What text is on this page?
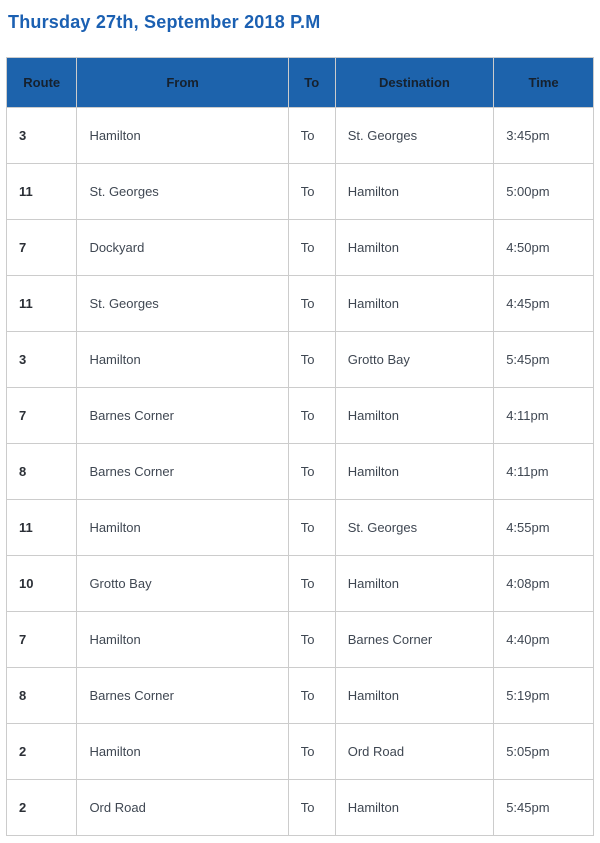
Thursday 27th, September 2018 P.M
Route	From	To	Destination	Time
3	Hamilton	To	St. Georges	3:45pm
11	St. Georges	To	Hamilton	5:00pm
7	Dockyard	To	Hamilton	4:50pm
11	St. Georges	To	Hamilton	4:45pm
3	Hamilton	To	Grotto Bay	5:45pm
7	Barnes Corner	To	Hamilton	4:11pm
8	Barnes Corner	To	Hamilton	4:11pm
11	Hamilton	To	St. Georges	4:55pm
10	Grotto Bay	To	Hamilton	4:08pm
7	Hamilton	To	Barnes Corner	4:40pm
8	Barnes Corner	To	Hamilton	5:19pm
2	Hamilton	To	Ord Road	5:05pm
2	Ord Road	To	Hamilton	5:45pm
